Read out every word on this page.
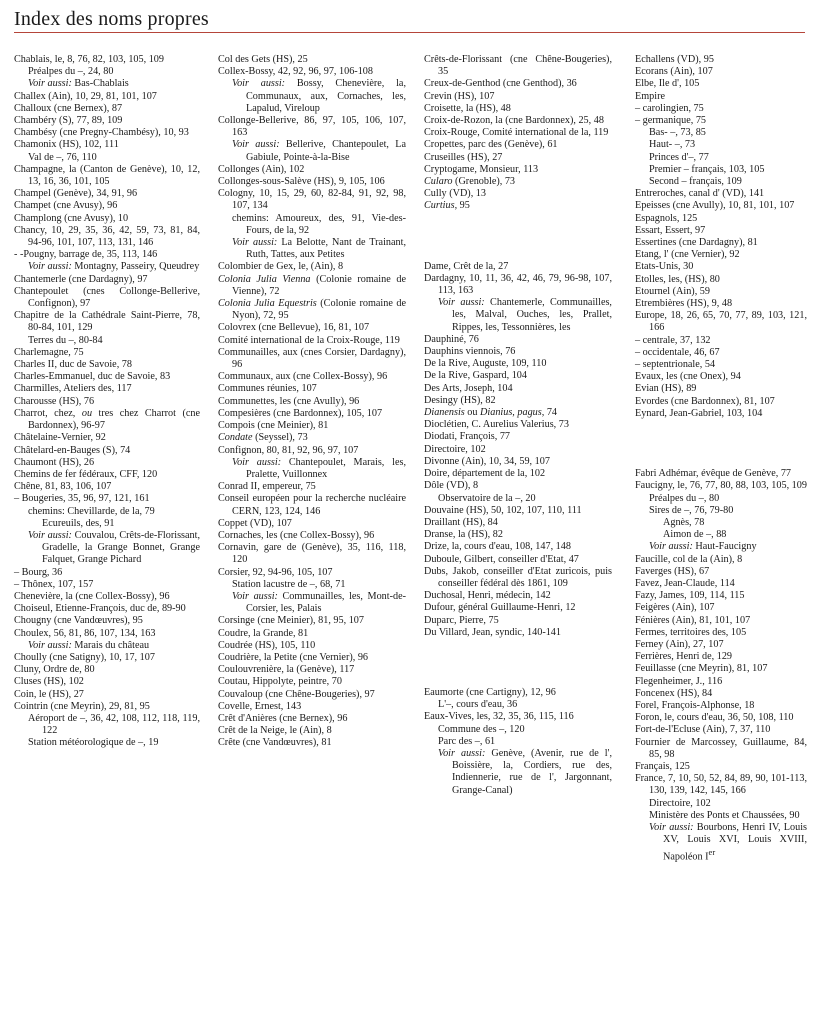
Index des noms propres
Chablais, le, 8, 76, 82, 103, 105, 109
Préalpes du –, 24, 80
Voir aussi: Bas-Chablais
Challex (Ain), 10, 29, 81, 101, 107
Challoux (cne Bernex), 87
Chambéry (S), 77, 89, 109
Chambésy (cne Pregny-Chambésy), 10, 93
Chamonix (HS), 102, 111
Val de –, 76, 110
Champagne, la (Canton de Genève), 10, 12, 13, 16, 36, 101, 105
Champel (Genève), 34, 91, 96
Champet (cne Avusy), 96
Champlong (cne Avusy), 10
Chancy, 10, 29, 35, 36, 42, 59, 73, 81, 84, 94-96, 101, 107, 113, 131, 146
- -Pougny, barrage de, 35, 113, 146
Voir aussi: Montagny, Passeiry, Queudrey
Chantemerle (cne Dardagny), 97
Chantepoulet (cnes Collonge-Bellerive, Confignon), 97
Chapitre de la Cathédrale Saint-Pierre, 78, 80-84, 101, 129
Terres du –, 80-84
Charlemagne, 75
Charles II, duc de Savoie, 78
Charles-Emmanuel, duc de Savoie, 83
Charmilles, Ateliers des, 117
Charousse (HS), 76
Charrot, chez, ou tres chez Charrot (cne Bardonnex), 96-97
Châtelaine-Vernier, 92
Châtelard-en-Bauges (S), 74
Chaumont (HS), 26
Chemins de fer fédéraux, CFF, 120
Chêne, 81, 83, 106, 107
– Bougeries, 35, 96, 97, 121, 161
chemins: Chevillarde, de la, 79
Ecureuils, des, 91
Voir aussi: Couvalou, Crêts-de-Florissant, Gradelle, la Grange Bonnet, Grange Falquet, Grange Pichard
– Bourg, 36
– Thônex, 107, 157
Chenevière, la (cne Collex-Bossy), 96
Choiseul, Etienne-François, duc de, 89-90
Chougny (cne Vandœuvres), 95
Choulex, 56, 81, 86, 107, 134, 163
Voir aussi: Marais du château
Choully (cne Satigny), 10, 17, 107
Cluny, Ordre de, 80
Cluses (HS), 102
Coin, le (HS), 27
Cointrin (cne Meyrin), 29, 81, 95
Aéroport de –, 36, 42, 108, 112, 118, 119, 122
Station météorologique de –, 19
Col des Gets (HS), 25
Collex-Bossy, 42, 92, 96, 97, 106-108
Voir aussi: Bossy, Chenevière, la, Communaux, aux, Cornaches, les, Lapalud, Vireloup
Collonge-Bellerive, 86, 97, 105, 106, 107, 163
Voir aussi: Bellerive, Chantepoulet, La Gabiule, Pointe-à-la-Bise
Collonges (Ain), 102
Collonges-sous-Salève (HS), 9, 105, 106
Cologny, 10, 15, 29, 60, 82-84, 91, 92, 98, 107, 134
chemins: Amoureux, des, 91, Vie-des-Fours, de la, 92
Voir aussi: La Belotte, Nant de Trainant, Ruth, Tattes, aux Petites
Colombier de Gex, le, (Ain), 8
Colonia Julia Vienna (Colonie romaine de Vienne), 72
Colonia Julia Equestris (Colonie romaine de Nyon), 72, 95
Colovrex (cne Bellevue), 16, 81, 107
Comité international de la Croix-Rouge, 119
Communailles, aux (cnes Corsier, Dardagny), 96
Communaux, aux (cne Collex-Bossy), 96
Communes réunies, 107
Communettes, les (cne Avully), 96
Compesières (cne Bardonnex), 105, 107
Compois (cne Meinier), 81
Condate (Seyssel), 73
Confignon, 80, 81, 92, 96, 97, 107
Voir aussi: Chantepoulet, Marais, les, Pralette, Vuillonnex
Conrad II, empereur, 75
Conseil européen pour la recherche nucléaire CERN, 123, 124, 146
Coppet (VD), 107
Cornaches, les (cne Collex-Bossy), 96
Cornavin, gare de (Genève), 35, 116, 118, 120
Corsier, 92, 94-96, 105, 107
Station lacustre de –, 68, 71
Voir aussi: Communailles, les, Mont-de-Corsier, les, Palais
Corsinge (cne Meinier), 81, 95, 107
Coudre, la Grande, 81
Coudrée (HS), 105, 110
Coudrière, la Petite (cne Vernier), 96
Coulouvrenière, la (Genève), 117
Coutau, Hippolyte, peintre, 70
Couvaloup (cne Chêne-Bougeries), 97
Covelle, Ernest, 143
Crêt d'Anières (cne Bernex), 96
Crêt de la Neige, le (Ain), 8
Crête (cne Vandœuvres), 81
Crêts-de-Florissant (cne Chêne-Bougeries), 35
Creux-de-Genthod (cne Genthod), 36
Crevin (HS), 107
Croisette, la (HS), 48
Croix-de-Rozon, la (cne Bardonnex), 25, 48
Croix-Rouge, Comité international de la, 119
Cropettes, parc des (Genève), 61
Cruseilles (HS), 27
Cryptogame, Monsieur, 113
Cularo (Grenoble), 73
Cully (VD), 13
Curtius, 95
Dame, Crêt de la, 27
Dardagny, 10, 11, 36, 42, 46, 79, 96-98, 107, 113, 163
Voir aussi: Chantemerle, Communailles, les, Malval, Ouches, les, Prallet, Rippes, les, Tessonnières, les
Dauphiné, 76
Dauphins viennois, 76
De la Rive, Auguste, 109, 110
De la Rive, Gaspard, 104
Des Arts, Joseph, 104
Desingy (HS), 82
Dianensis ou Dianius, pagus, 74
Dioclétien, C. Aurelius Valerius, 73
Diodati, François, 77
Directoire, 102
Divonne (Ain), 10, 34, 59, 107
Doire, département de la, 102
Dôle (VD), 8
Observatoire de la –, 20
Douvaine (HS), 50, 102, 107, 110, 111
Draillant (HS), 84
Dranse, la (HS), 82
Drize, la, cours d'eau, 108, 147, 148
Duboule, Gilbert, conseiller d'Etat, 47
Dubs, Jakob, conseiller d'Etat zuricois, puis conseiller fédéral dès 1861, 109
Duchosal, Henri, médecin, 142
Dufour, général Guillaume-Henri, 12
Duparc, Pierre, 75
Du Villard, Jean, syndic, 140-141
Eaumorte (cne Cartigny), 12, 96
L'–, cours d'eau, 36
Eaux-Vives, les, 32, 35, 36, 115, 116
Commune des –, 120
Parc des –, 61
Voir aussi: Genève, (Avenir, rue de l', Boissière, la, Cordiers, rue des, Indiennerie, rue de l', Jargonnant, Grange-Canal)
Echallens (VD), 95
Ecorans (Ain), 107
Elbe, Ile d', 105
Empire
– carolingien, 75
– germanique, 75
Bas- –, 73, 85
Haut- –, 73
Princes d'–, 77
Premier – français, 103, 105
Second – français, 109
Entreroches, canal d' (VD), 141
Epeisses (cne Avully), 10, 81, 101, 107
Espagnols, 125
Essart, Essert, 97
Essertines (cne Dardagny), 81
Etang, l' (cne Vernier), 92
Etats-Unis, 30
Etolles, les, (HS), 80
Etournel (Ain), 59
Etrembières (HS), 9, 48
Europe, 18, 26, 65, 70, 77, 89, 103, 121, 166
– centrale, 37, 132
– occidentale, 46, 67
– septentrionale, 54
Evaux, les (cne Onex), 94
Evian (HS), 89
Evordes (cne Bardonnex), 81, 107
Eynard, Jean-Gabriel, 103, 104
Fabri Adhémar, évêque de Genève, 77
Faucigny, le, 76, 77, 80, 88, 103, 105, 109
Préalpes du –, 80
Sires de –, 76, 79-80
Agnès, 78
Aimon de –, 88
Voir aussi: Haut-Faucigny
Faucille, col de la (Ain), 8
Faverges (HS), 67
Favez, Jean-Claude, 114
Fazy, James, 109, 114, 115
Feigères (Ain), 107
Fénières (Ain), 81, 101, 107
Fermes, territoires des, 105
Ferney (Ain), 27, 107
Ferrières, Henri de, 129
Feuillasse (cne Meyrin), 81, 107
Flegenheimer, J., 116
Foncenex (HS), 84
Forel, François-Alphonse, 18
Foron, le, cours d'eau, 36, 50, 108, 110
Fort-de-l'Ecluse (Ain), 7, 37, 110
Fournier de Marcossey, Guillaume, 84, 85, 98
Français, 125
France, 7, 10, 50, 52, 84, 89, 90, 101-113, 130, 139, 142, 145, 166
Directoire, 102
Ministère des Ponts et Chaussées, 90
Voir aussi: Bourbons, Henri IV, Louis XV, Louis XVI, Louis XVIII, Napoléon Ier
